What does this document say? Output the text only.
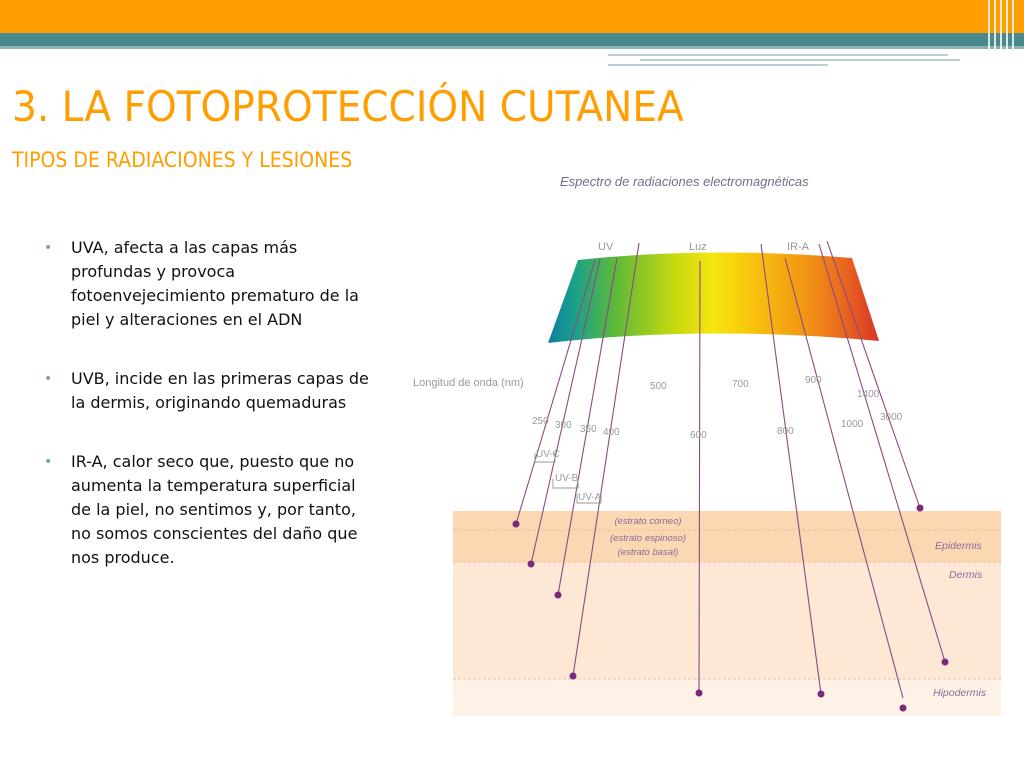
3. LA FOTOPROTECCIÓN CUTANEA
TIPOS DE RADIACIONES Y LESIONES
• UVA, afecta a las capas más profundas y provoca fotoenvejecimiento prematuro de la piel y alteraciones en el ADN
• UVB, incide en las primeras capas de la dermis, originando quemaduras
• IR-A, calor seco que, puesto que no aumenta la temperatura superficial de la piel, no sentimos y, por tanto, no somos conscientes del daño que nos produce.
Espectro de radiaciones electromagnéticas
(estrato corneo)
(estrato espinoso)
(estrato basal)
Epidermis
Dermis
Hipodermis
UV	Luz	IR-A
Longitud de onda (nm)
250 300 350 400
500
600
700
800
900
1000
1400
3000
UV-C
UV-B
UV-A
